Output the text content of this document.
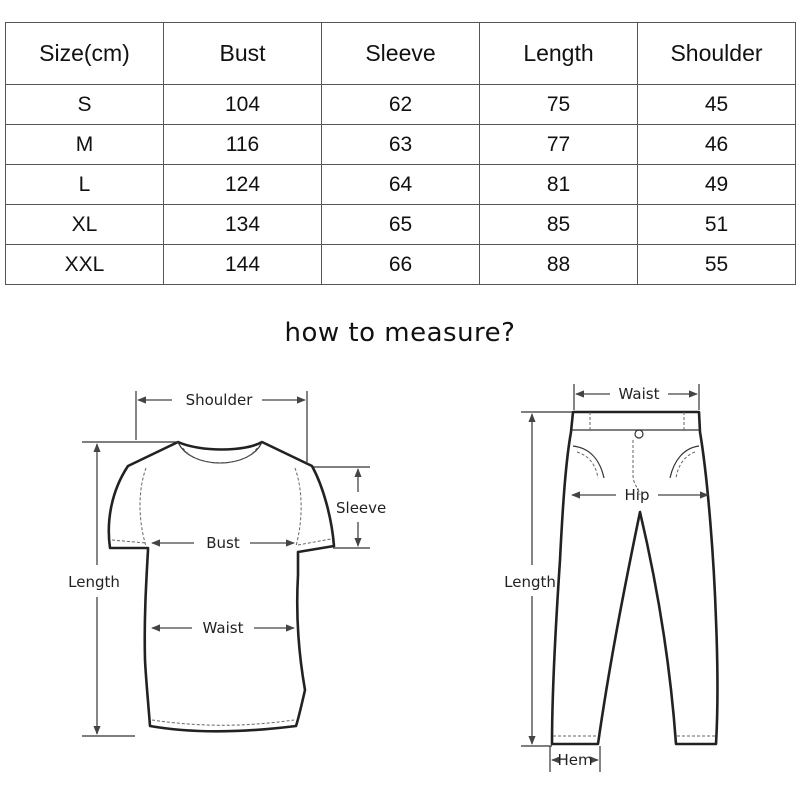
Size(cm)	Bust	Sleeve	Length	Shoulder
S	104	62	75	45
M	116	63	77	46
L	124	64	81	49
XL	134	65	85	51
XXL	144	66	88	55
how to measure?
Shoulder
Sleeve
Bust
Waist
Length
Waist
Hip
Length
Hem
